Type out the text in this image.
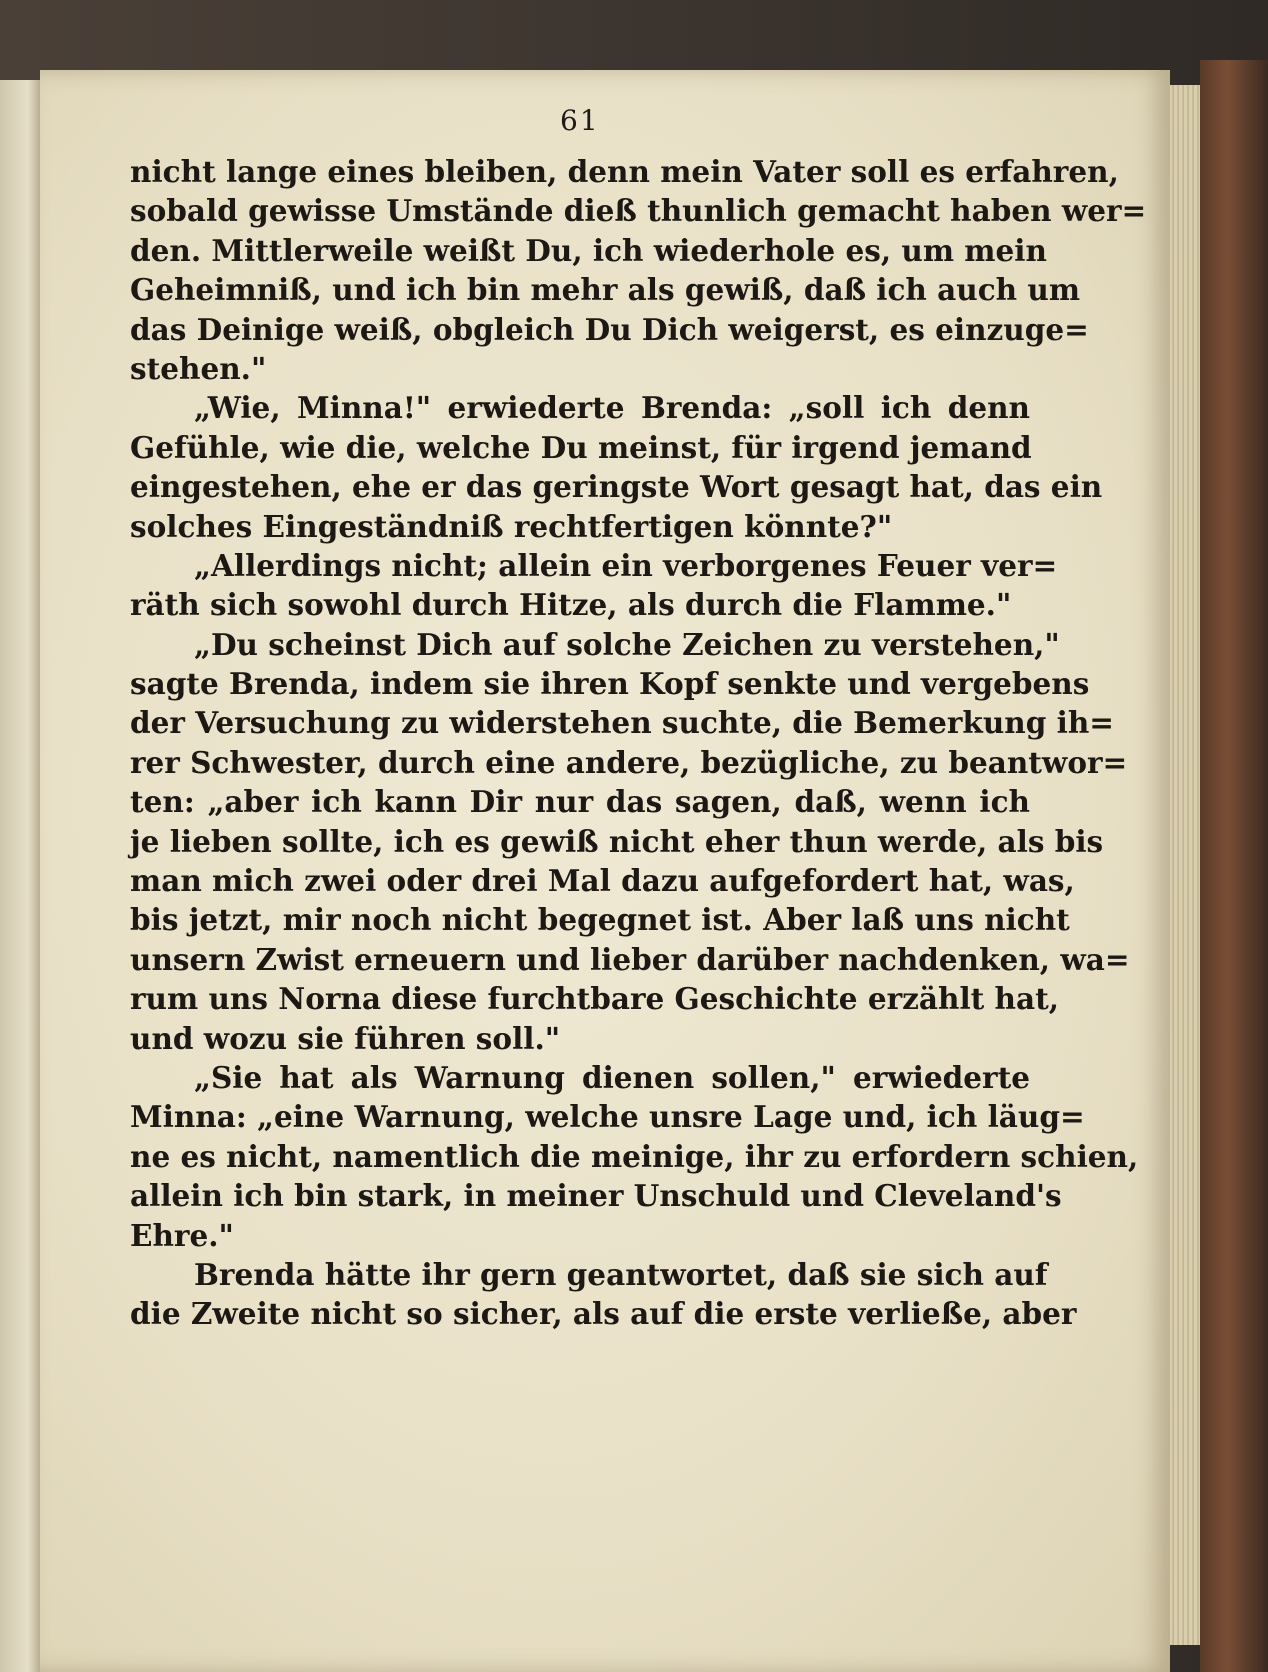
61
nicht lange eines bleiben, denn mein Vater soll es erfahren,
sobald gewisse Umstände dieß thunlich gemacht haben wer=
den. Mittlerweile weißt Du, ich wiederhole es, um mein
Geheimniß, und ich bin mehr als gewiß, daß ich auch um
das Deinige weiß, obgleich Du Dich weigerst, es einzuge=
stehen."
„Wie, Minna!" erwiederte Brenda: „soll ich denn
Gefühle, wie die, welche Du meinst, für irgend jemand
eingestehen, ehe er das geringste Wort gesagt hat, das ein
solches Eingeständniß rechtfertigen könnte?"
„Allerdings nicht; allein ein verborgenes Feuer ver=
räth sich sowohl durch Hitze, als durch die Flamme."
„Du scheinst Dich auf solche Zeichen zu verstehen,"
sagte Brenda, indem sie ihren Kopf senkte und vergebens
der Versuchung zu widerstehen suchte, die Bemerkung ih=
rer Schwester, durch eine andere, bezügliche, zu beantwor=
ten: „aber ich kann Dir nur das sagen, daß, wenn ich
je lieben sollte, ich es gewiß nicht eher thun werde, als bis
man mich zwei oder drei Mal dazu aufgefordert hat, was,
bis jetzt, mir noch nicht begegnet ist. Aber laß uns nicht
unsern Zwist erneuern und lieber darüber nachdenken, wa=
rum uns Norna diese furchtbare Geschichte erzählt hat,
und wozu sie führen soll."
„Sie hat als Warnung dienen sollen," erwiederte
Minna: „eine Warnung, welche unsre Lage und, ich läug=
ne es nicht, namentlich die meinige, ihr zu erfordern schien,
allein ich bin stark, in meiner Unschuld und Cleveland's
Ehre."
Brenda hätte ihr gern geantwortet, daß sie sich auf
die Zweite nicht so sicher, als auf die erste verließe, aber
